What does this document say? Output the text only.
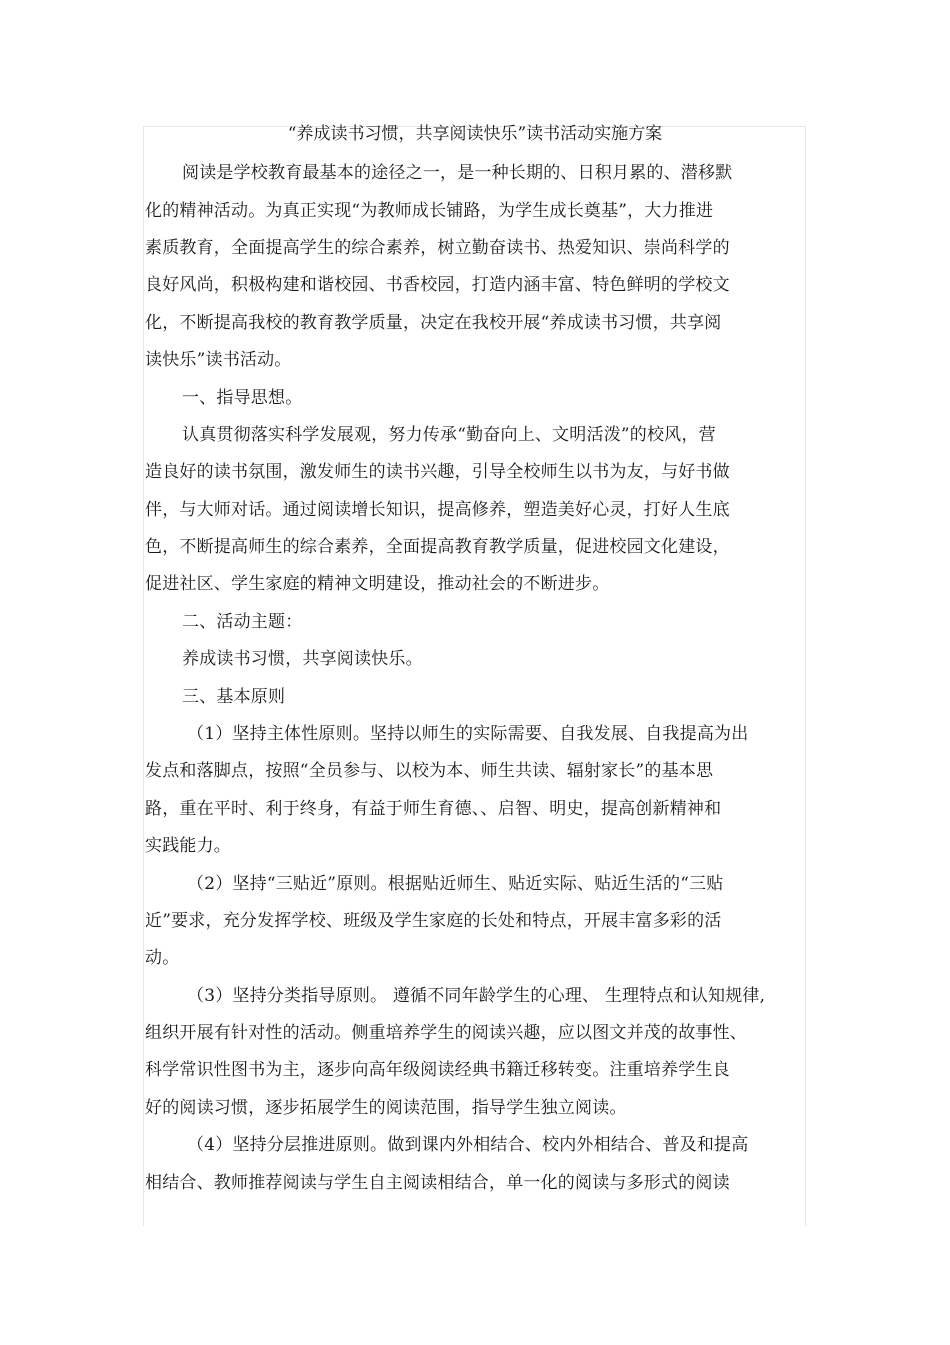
“养成读书习惯，共享阅读快乐”读书活动实施方案
阅读是学校教育最基本的途径之一，是一种长期的、日积月累的、潜移默
化的精神活动。为真正实现“为教师成长铺路，为学生成长奠基”，大力推进
素质教育，全面提高学生的综合素养，树立勤奋读书、热爱知识、崇尚科学的
良好风尚，积极构建和谐校园、书香校园，打造内涵丰富、特色鲜明的学校文
化，不断提高我校的教育教学质量，决定在我校开展“养成读书习惯，共享阅
读快乐”读书活动。
一、指导思想。
认真贯彻落实科学发展观，努力传承“勤奋向上、文明活泼”的校风，营
造良好的读书氛围，激发师生的读书兴趣，引导全校师生以书为友，与好书做
伴，与大师对话。通过阅读增长知识，提高修养，塑造美好心灵，打好人生底
色，不断提高师生的综合素养，全面提高教育教学质量，促进校园文化建设，
促进社区、学生家庭的精神文明建设，推动社会的不断进步。
二、活动主题：
养成读书习惯，共享阅读快乐。
三、基本原则
（1）坚持主体性原则。坚持以师生的实际需要、自我发展、自我提高为出
发点和落脚点，按照“全员参与、以校为本、师生共读、辐射家长”的基本思
路，重在平时、利于终身，有益于师生育德、、启智、明史，提高创新精神和
实践能力。
（2）坚持“三贴近”原则。根据贴近师生、贴近实际、贴近生活的“三贴
近”要求，充分发挥学校、班级及学生家庭的长处和特点，开展丰富多彩的活
动。
（3）坚持分类指导原则。 遵循不同年龄学生的心理、 生理特点和认知规律,
组织开展有针对性的活动。侧重培养学生的阅读兴趣，应以图文并茂的故事性、
科学常识性图书为主，逐步向高年级阅读经典书籍迁移转变。注重培养学生良
好的阅读习惯，逐步拓展学生的阅读范围，指导学生独立阅读。
（4）坚持分层推进原则。做到课内外相结合、校内外相结合、普及和提高
相结合、教师推荐阅读与学生自主阅读相结合，单一化的阅读与多形式的阅读
